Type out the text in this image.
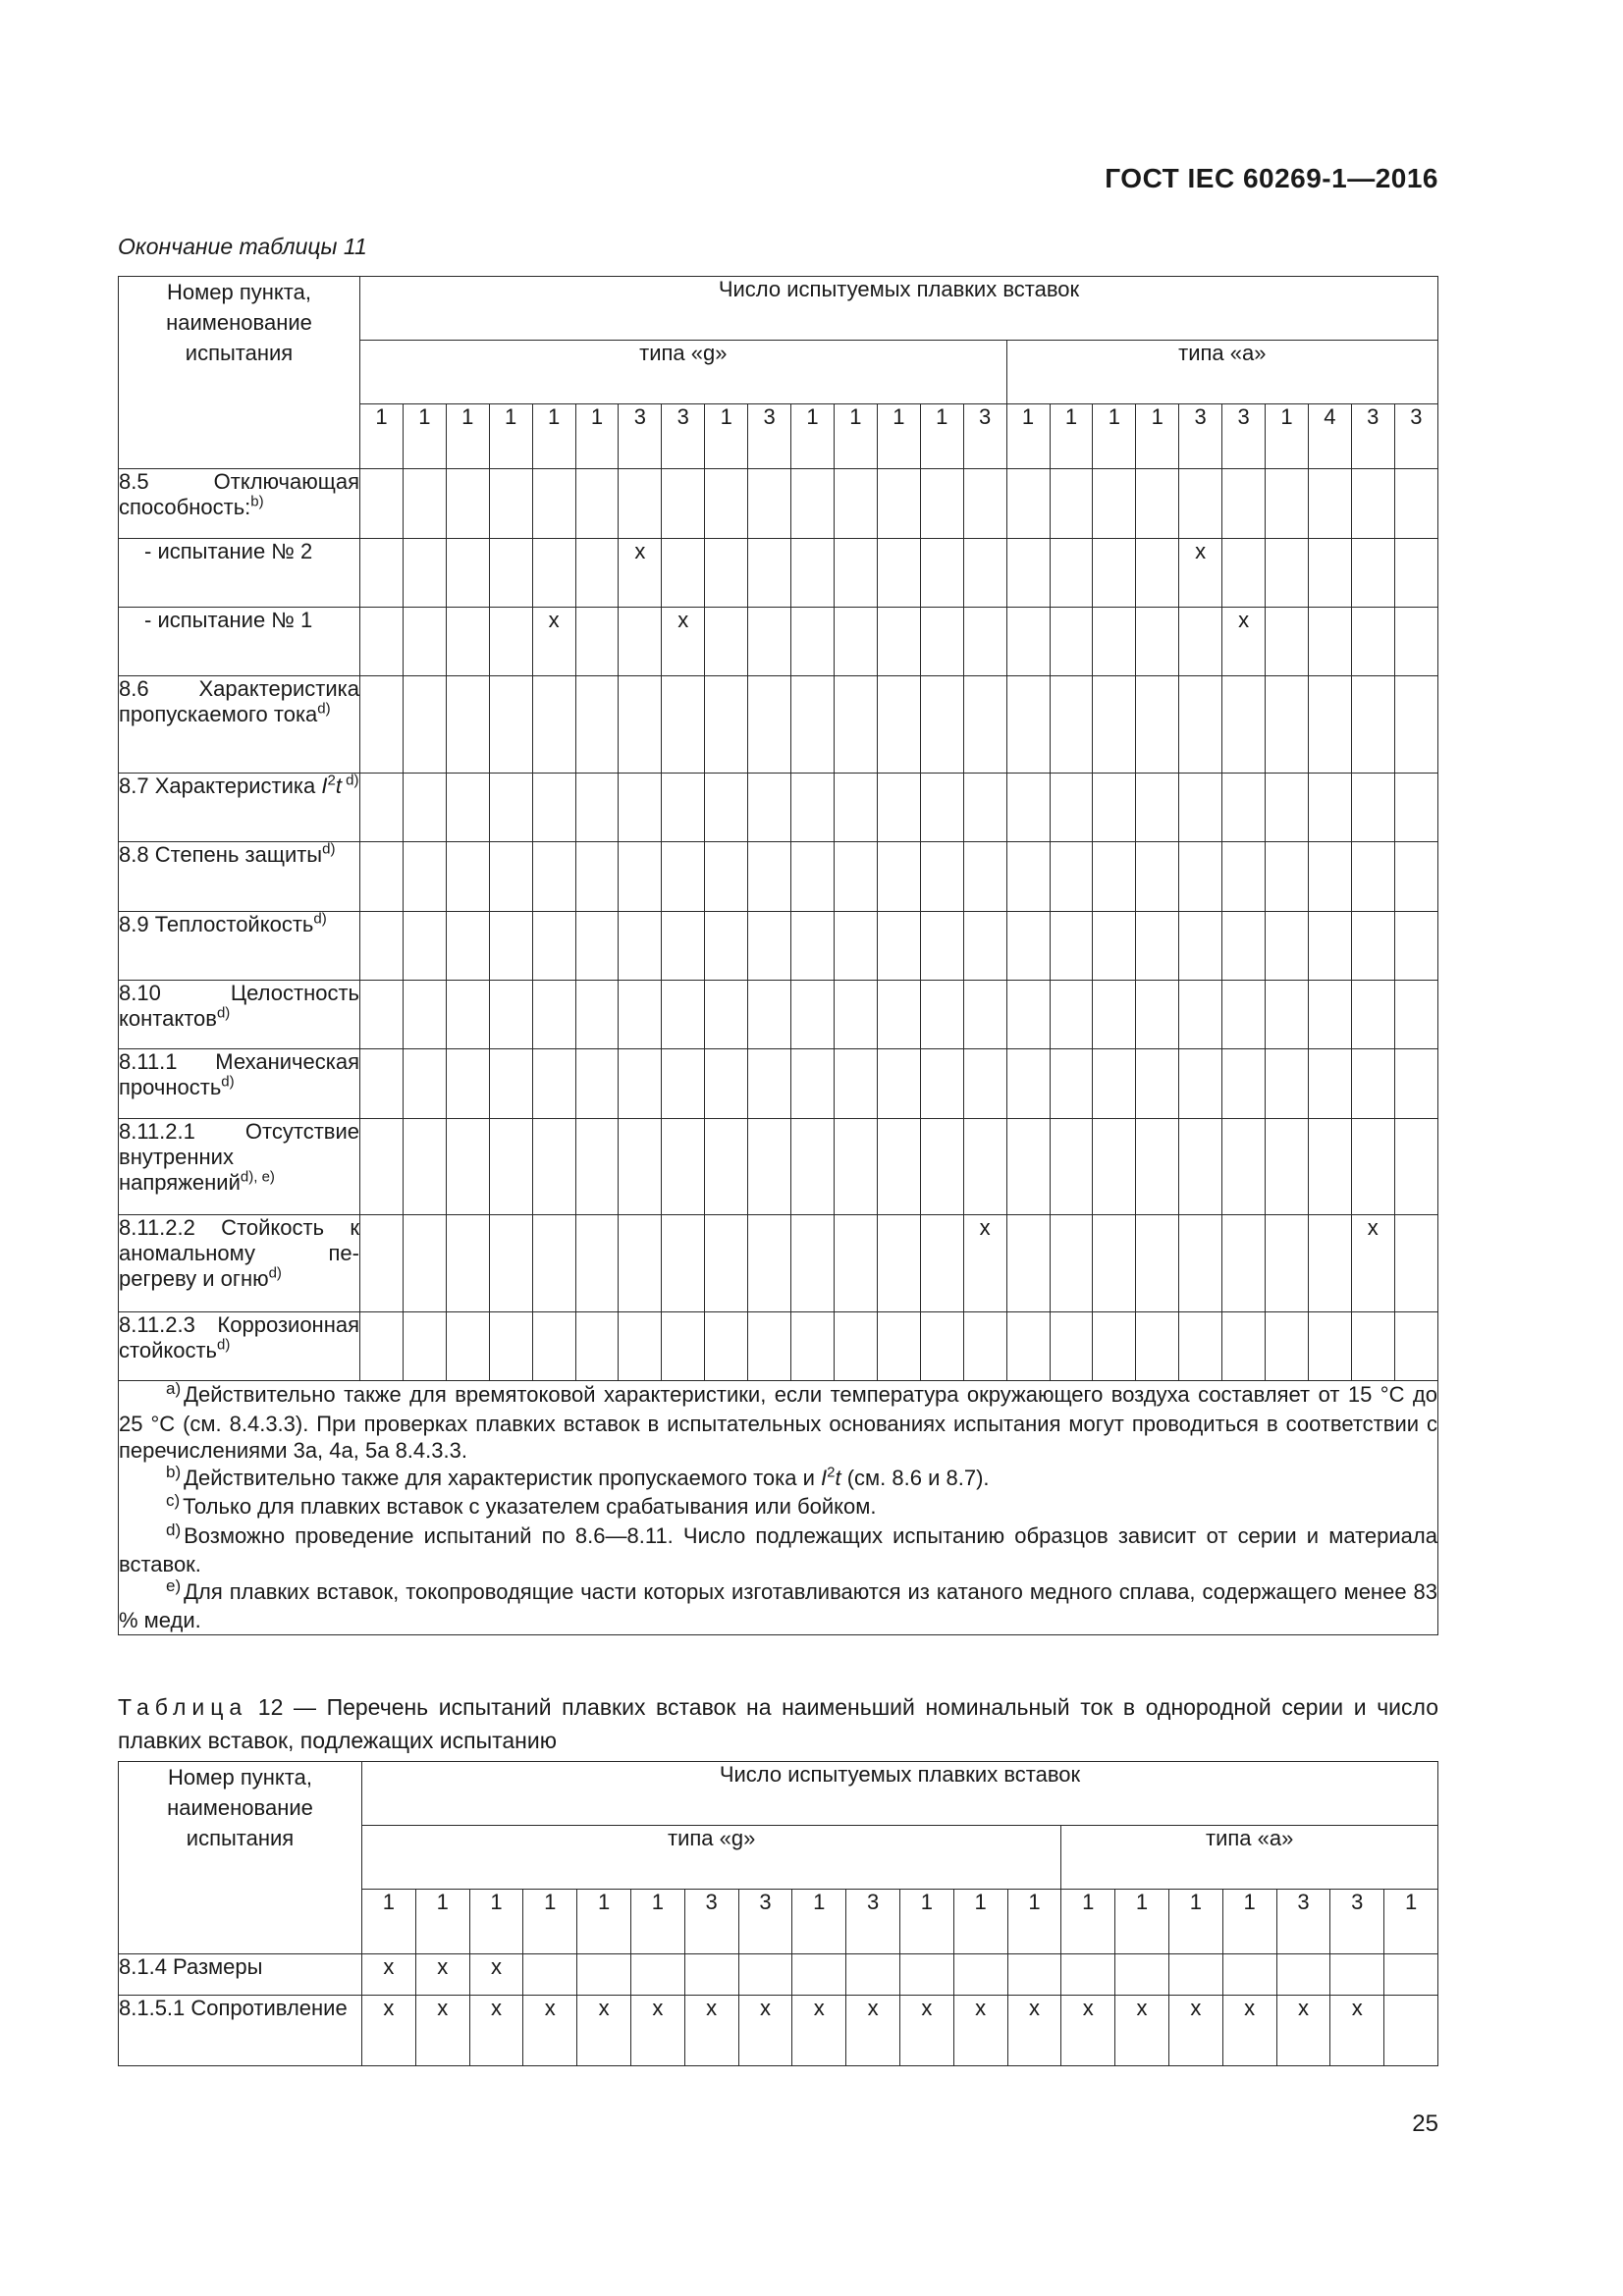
ГОСТ IEC 60269-1—2016
Окончание таблицы 11
Номер пункта,
наименование
испытания	Число испытуемых плавких вставок																								
	типа «g»															типа «a»									
	1	1	1	1	1	1	3	3	1	3	1	1	1	1	3	1	1	1	1	3	3	1	4	3	3
8.5 Отключающая способность:$^{b)}$																									
- испытание № 2							x													x					
- испытание № 1					x			x													x				
8.6 Характеристика пропускаемого тока$^{d)}$																									
8.7 Характеристика $I^2t$ $^{d)}$																									
8.8 Степень защиты$^{d)}$																									
8.9 Теплостойкость$^{d)}$																									
8.10 Целостность контактов$^{d)}$																									
8.11.1 Механическая прочность$^{d)}$																									
8.11.2.1 Отсутствие внутренних напряжений$^{d), e)}$																									
8.11.2.2 Стойкость к аномальному перегреву и огню$^{d)}$															x									x	
8.11.2.3 Коррозионная стойкость$^{d)}$																									

$^{a)}$ Действительно также для времятоковой характеристики, если температура окружающего воздуха составляет от 15 °С до 25 °С (см. 8.4.3.3). При проверках плавких вставок в испытательных основаниях испытания могут проводиться в соответствии с перечислениями 3а, 4а, 5а 8.4.3.3.

$^{b)}$ Действительно также для характеристик пропускаемого тока и $I^2t$ (см. 8.6 и 8.7).

$^{c)}$ Только для плавких вставок с указателем срабатывания или бойком.

$^{d)}$ Возможно проведение испытаний по 8.6—8.11. Число подлежащих испытанию образцов зависит от серии и материала вставок.

$^{e)}$ Для плавких вставок, токопроводящие части которых изготавливаются из катаного медного сплава, содержащего менее 83 % меди.																									

Таблица 12 — Перечень испытаний плавких вставок на наименьший номинальный ток в однородной серии и число плавких вставок, подлежащих испытанию
Номер пункта,
наименование
испытания	Число испытуемых плавких вставок																			
	типа «g»													типа «a»						
	1	1	1	1	1	1	3	3	1	3	1	1	1	1	1	1	1	3	3	1
8.1.4 Размеры	x	x	x																	
8.1.5.1 Сопротивление	x	x	x	x	x	x	x	x	x	x	x	x	x	x	x	x	x	x	x	
25
